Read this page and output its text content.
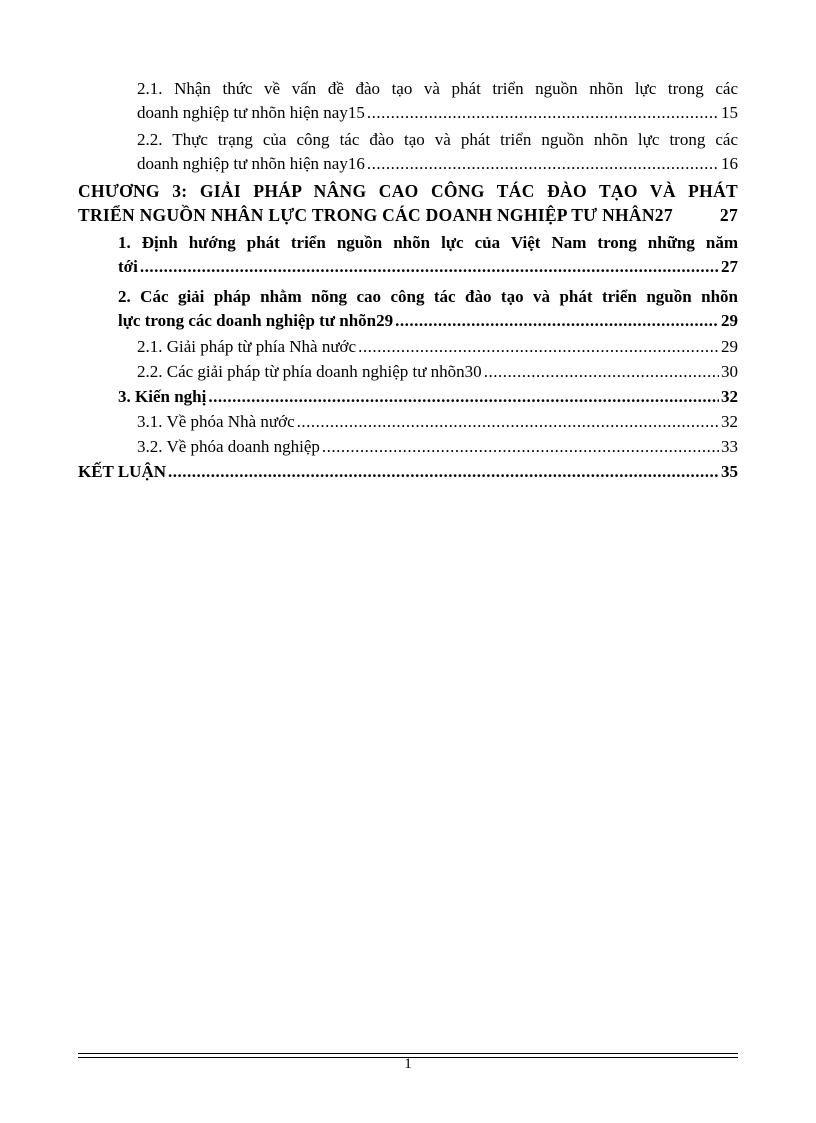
2.1. Nhận thức về vấn đề đào tạo và phát triển nguồn nhõn lực trong các
doanh nghiệp tư nhõn hiện nay15 .....	15
2.2. Thực trạng của công tác đào tạo và phát triển nguồn nhõn lực trong các
doanh nghiệp tư nhõn hiện nay16 .....	16
CHƯƠNG 3: GIẢI PHÁP NÂNG CAO CÔNG TÁC ĐÀO TẠO VÀ PHÁT
TRIỂN NGUỒN NHÂN LỰC TRONG CÁC DOANH NGHIỆP TƯ NHÂN27	27
1. Định hướng phát triển nguồn nhõn lực của Việt Nam trong những năm
tới .....	27
2. Các giải pháp nhằm nõng cao công tác đào tạo và phát triển nguồn nhõn
lực trong các doanh nghiệp tư nhõn29 .....	29
2.1. Giải pháp từ phía Nhà nước .....	29
2.2. Các giải pháp từ phía doanh nghiệp tư nhõn30 .....	30
3. Kiến nghị .....	32
3.1. Về phóa Nhà nước .....	32
3.2. Về phóa doanh nghiệp .....	33
KẾT LUẬN .....	35
1
